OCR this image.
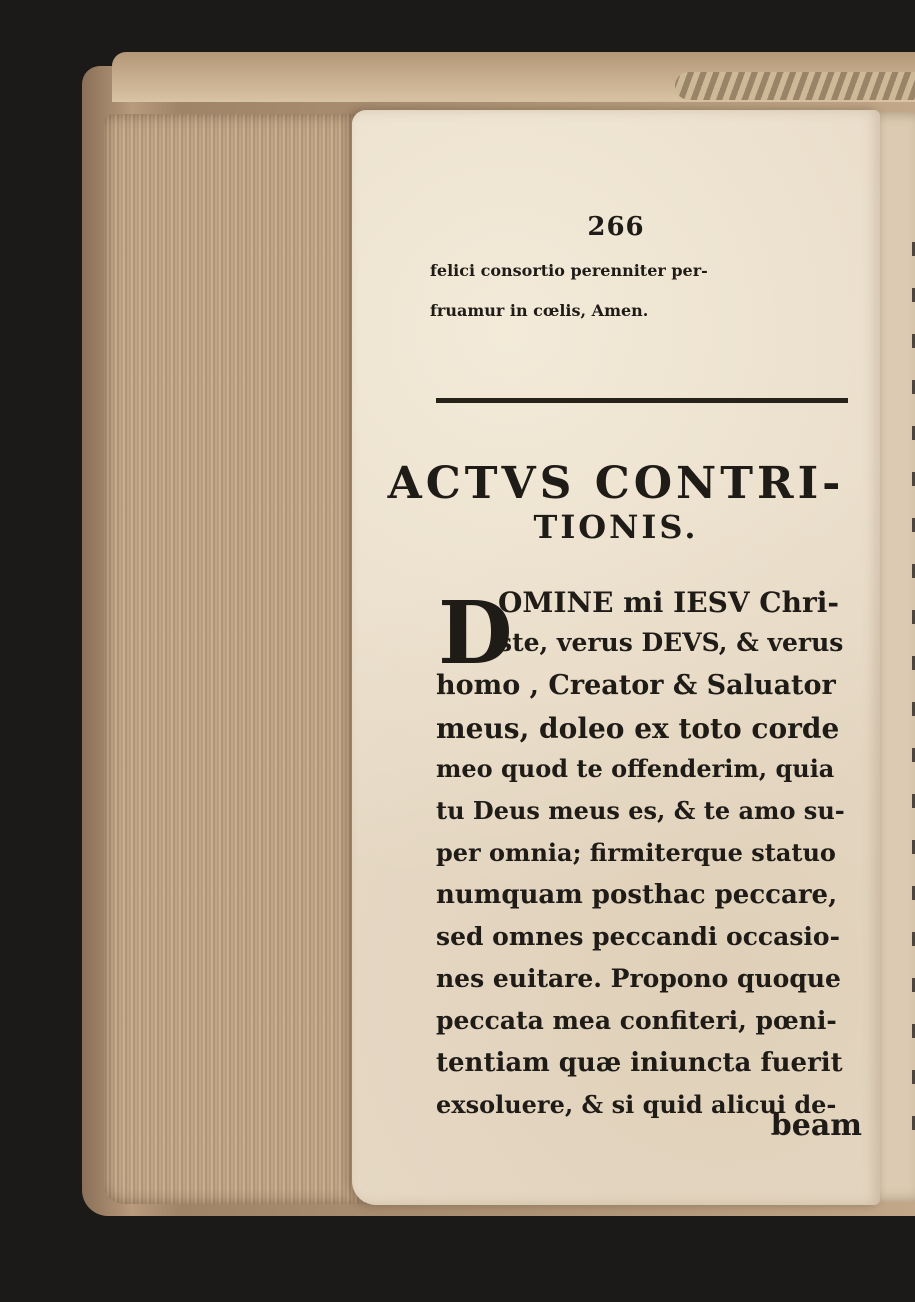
266
felici consortio perenniter per-
fruamur in cœlis, Amen.
ACTVS CONTRI-
TIONIS.
D
OMINE mi IESV Chri-
ste, verus DEVS, & verus
homo , Creator & Saluator
meus, doleo ex toto corde
meo quod te offenderim, quia
tu Deus meus es, & te amo su-
per omnia; firmiterque statuo
numquam posthac peccare,
sed omnes peccandi occasio-
nes euitare. Propono quoque
peccata mea confiteri, pœni-
tentiam quæ iniuncta fuerit
exsoluere, & si quid alicui de-
beam
